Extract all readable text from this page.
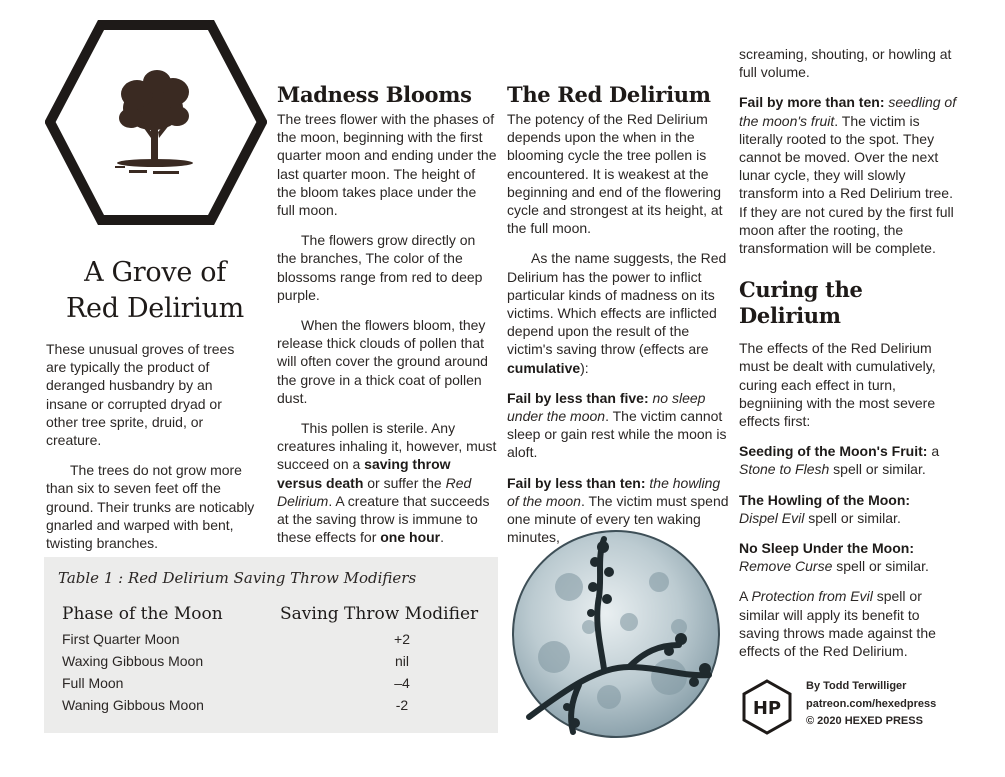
A Grove of
Red Delirium

These unusual groves of trees are typically the product of deranged husbandry by an insane or corrupted dryad or other tree sprite, druid, or creature.

The trees do not grow more than six to seven feet off the ground. Their trunks are noticably gnarled and warped with bent, twisting branches.

Madness Blooms

The trees flower with the phases of the moon, beginning with the first quarter moon and ending under the last quarter moon. The height of the bloom takes place under the full moon.

The flowers grow directly on the branches, The color of the blossoms range from red to deep purple.

When the flowers bloom, they release thick clouds of pollen that will often cover the ground around the grove in a thick coat of pollen dust.

This pollen is sterile. Any creatures inhaling it, however, must succeed on a saving throw versus death or suffer the Red Delirium. A creature that succeeds at the saving throw is immune to these effects for one hour.

The Red Delirium

The potency of the Red Delirium depends upon the when in the blooming cycle the tree pollen is encountered. It is weakest at the beginning and end of the flowering cycle and strongest at its height, at the full moon.

As the name suggests, the Red Delirium has the power to inflict particular kinds of madness on its victims. Which effects are inflicted depend upon the result of the victim's saving throw (effects are cumulative):

Fail by less than five: no sleep under the moon. The victim cannot sleep or gain rest while the moon is aloft.

Fail by less than ten: the howling of the moon. The victim must spend one minute of every ten waking minutes,

screaming, shouting, or howling at full volume.

Fail by more than ten: seedling of the moon's fruit. The victim is literally rooted to the spot. They cannot be moved. Over the next lunar cycle, they will slowly transform into a Red Delirium tree. If they are not cured by the first full moon after the rooting, the transformation will be complete.

Curing the Delirium

The effects of the Red Delirium must be dealt with cumulatively, curing each effect in turn, begniining with the most severe effects first:

Seeding of the Moon's Fruit: a Stone to Flesh spell or similar.

The Howling of the Moon:
Dispel Evil spell or similar.

No Sleep Under the Moon:
Remove Curse spell or similar.

A Protection from Evil spell or similar will apply its benefit to saving throws made against the effects of the Red Delirium.

Table 1 : Red Delirium Saving Throw Modifiers
Phase of the Moon	Saving Throw Modifier
First Quarter Moon	+2
Waxing Gibbous Moon	nil
Full Moon	–4
Waning Gibbous Moon	-2	HP
By Todd Terwilliger
patreon.com/hexedpress
© 2020 HEXED PRESS
